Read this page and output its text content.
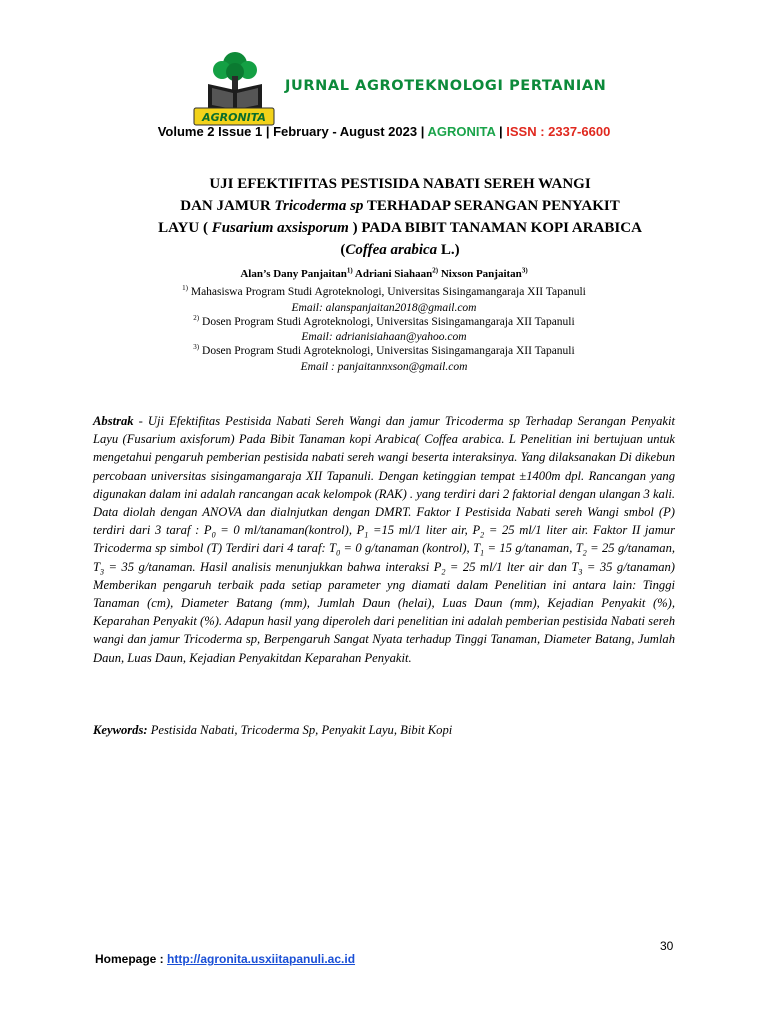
AGRONITA
JURNAL AGROTEKNOLOGI PERTANIAN
Volume 2 Issue 1 | February - August 2023 | AGRONITA | ISSN : 2337-6600
UJI EFEKTIFITAS PESTISIDA NABATI SEREH WANGI
DAN JAMUR Tricoderma sp TERHADAP SERANGAN PENYAKIT
LAYU ( Fusarium axsisporum ) PADA BIBIT TANAMAN KOPI ARABICA
(Coffea arabica L.)
Alan’s Dany Panjaitan$^{1)}$ Adriani Siahaan$^{2)}$ Nixson Panjaitan$^{3)}$
$^{1)}$ Mahasiswa Program Studi Agroteknologi, Universitas Sisingamangaraja XII Tapanuli
Email: alanspanjaitan2018@gmail.com
$^{2)}$ Dosen Program Studi Agroteknologi, Universitas Sisingamangaraja XII Tapanuli
Email: adrianisiahaan@yahoo.com
$^{3)}$ Dosen Program Studi Agroteknologi, Universitas Sisingamangaraja XII Tapanuli
Email : panjaitannxson@gmail.com
Abstrak - Uji Efektifitas Pestisida Nabati Sereh Wangi dan jamur Tricoderma sp Terhadap Serangan Penyakit Layu (Fusarium axisforum) Pada Bibit Tanaman kopi Arabica( Coffea arabica. L Penelitian ini bertujuan untuk mengetahui pengaruh pemberian pestisida nabati sereh wangi beserta interaksinya. Yang dilaksanakan Di dikebun percobaan universitas sisingamangaraja XII Tapanuli. Dengan ketinggian tempat ±1400m dpl. Rancangan yang digunakan dalam ini adalah rancangan acak kelompok (RAK) . yang terdiri dari 2 faktorial dengan ulangan 3 kali. Data diolah dengan ANOVA dan dialnjutkan dengan DMRT. Faktor I Pestisida Nabati sereh Wangi smbol (P) terdiri dari 3 taraf : $P_0 = 0$ ml/tanaman(kontrol), $P_1 =15$ ml/1 liter air, $P_2 = 25$ ml/1 liter air. Faktor II jamur Tricoderma sp simbol (T) Terdiri dari 4 taraf: $T_0 = 0$ g/tanaman (kontrol), $T_1 = 15$ g/tanaman, $T_2 = 25$ g/tanaman, $T_3 = 35$ g/tanaman. Hasil analisis menunjukkan bahwa interaksi $P_2 = 25$ ml/1 lter air dan $T_3 = 35$ g/tanaman) Memberikan pengaruh terbaik pada setiap parameter yng diamati dalam Penelitian ini antara lain: Tinggi Tanaman (cm), Diameter Batang (mm), Jumlah Daun (helai), Luas Daun (mm), Kejadian Penyakit (%), Keparahan Penyakit (%). Adapun hasil yang diperoleh dari penelitian ini adalah pemberian pestisida Nabati sereh wangi dan jamur Tricoderma sp, Berpengaruh Sangat Nyata terhadup Tinggi Tanaman, Diameter Batang, Jumlah Daun, Luas Daun, Kejadian Penyakitdan Keparahan Penyakit.
Keywords: Pestisida Nabati, Tricoderma Sp, Penyakit Layu, Bibit Kopi
30
Homepage : http://agronita.usxiitapanuli.ac.id
